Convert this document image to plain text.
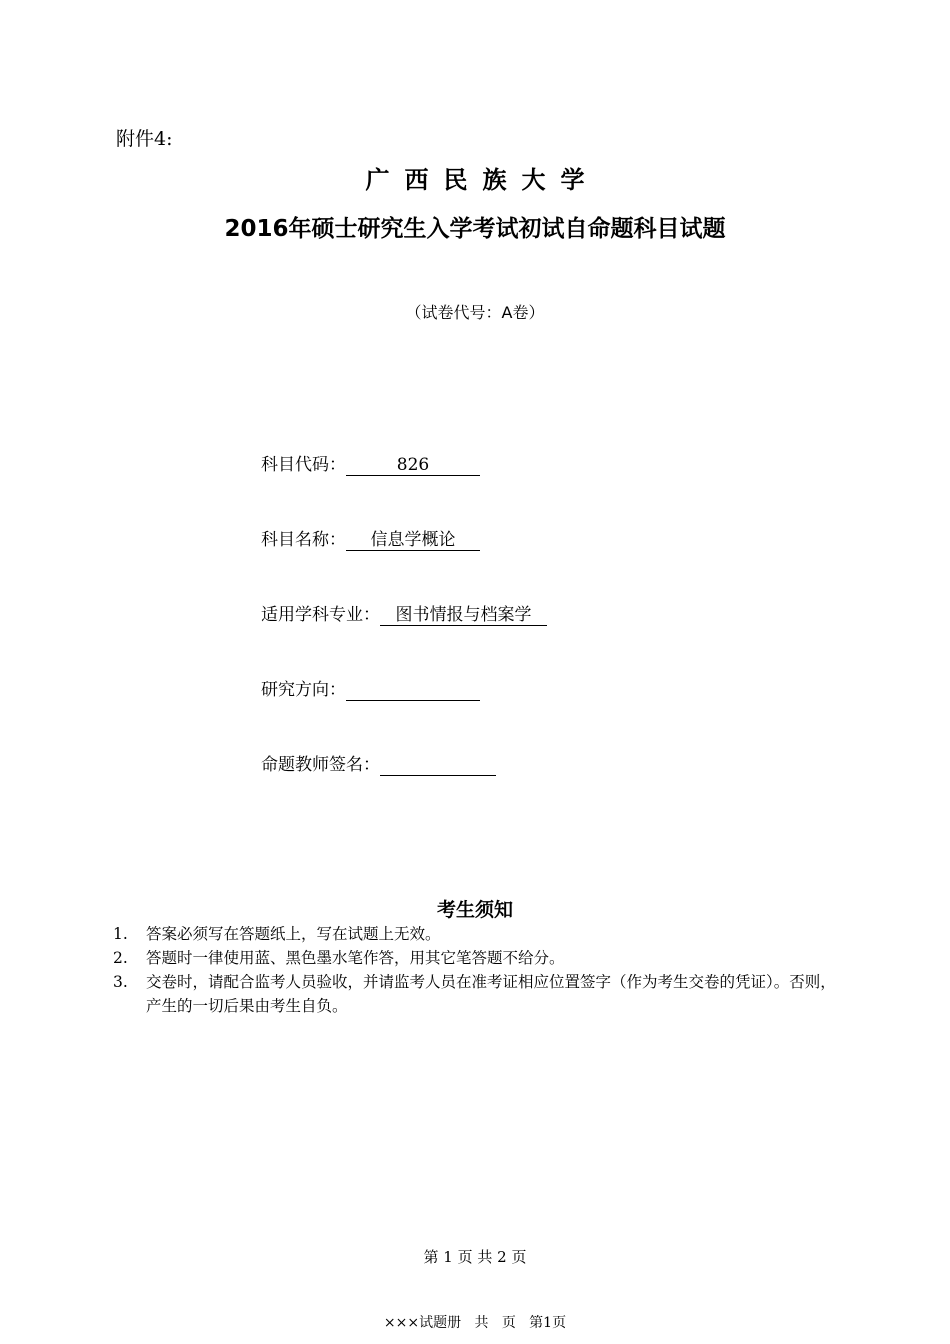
附件4:
广西民族大学
2016年硕士研究生入学考试初试自命题科目试题
（试卷代号：A卷）
科目代码：	826
科目名称： 信息学概论
适用学科专业： 图书情报与档案学
研究方向：
命题教师签名：
考生须知
1. 答案必须写在答题纸上，写在试题上无效。
2. 答题时一律使用蓝、黑色墨水笔作答，用其它笔答题不给分。
3. 交卷时，请配合监考人员验收，并请监考人员在准考证相应位置签字（作为考生交卷的凭证）。否则，产生的一切后果由考生自负。
第 1 页 共 2 页
×××试题册   共   页   第1页
